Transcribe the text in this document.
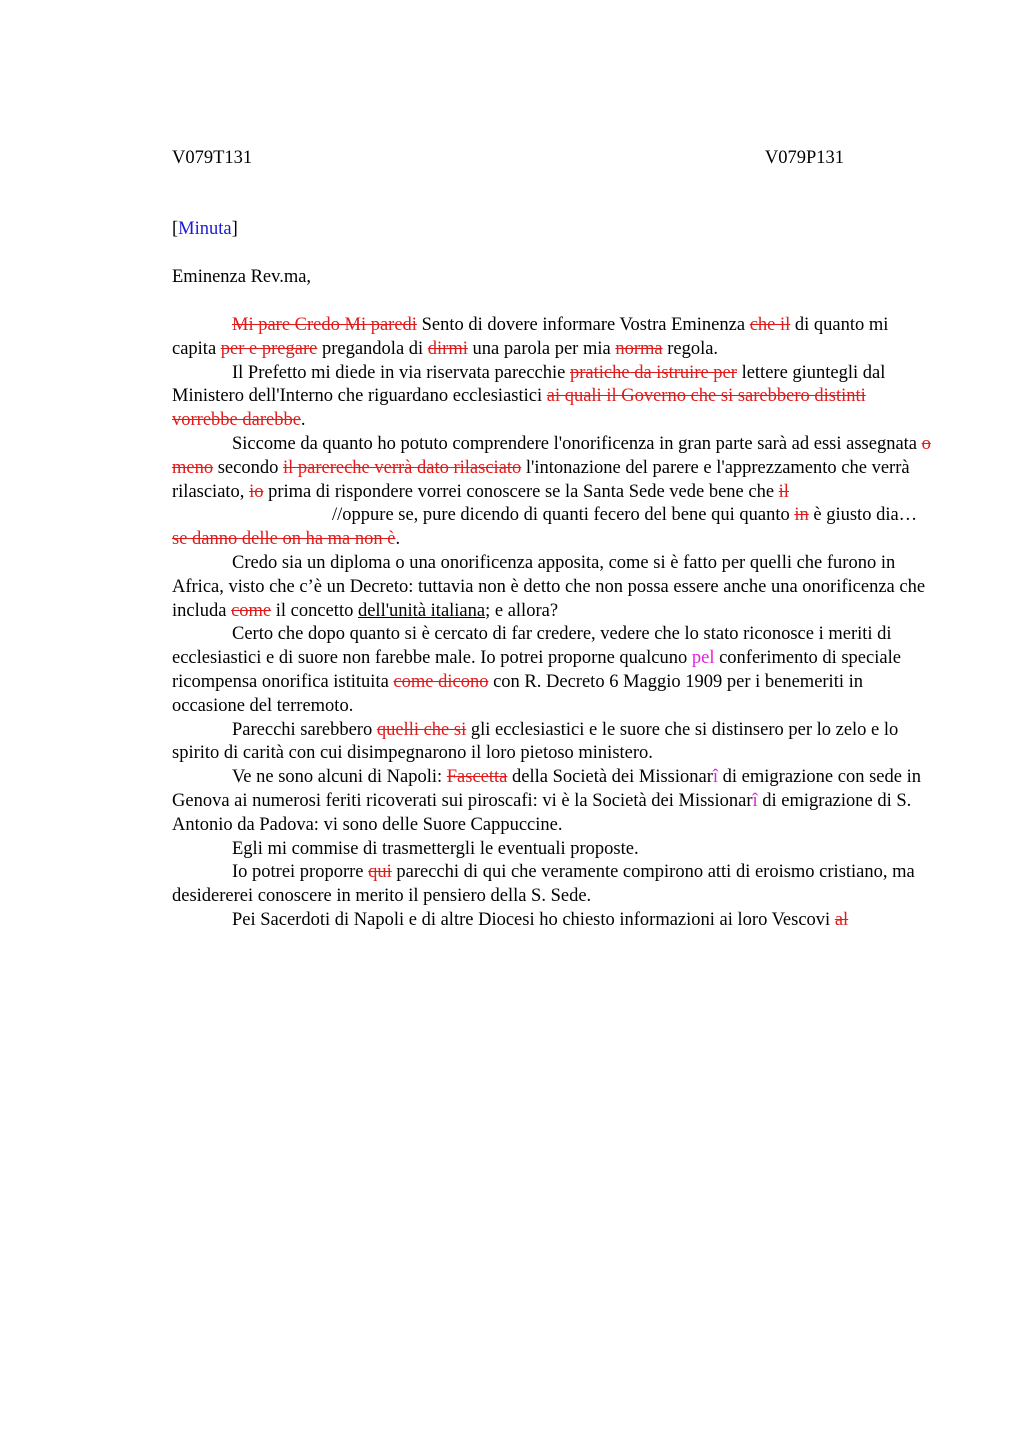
V079T131	V079P131
[Minuta]
Eminenza Rev.ma,

Mi pare Credo Mi paredi Sento di dovere informare Vostra Eminenza che il di quanto mi capita per e pregare pregandola di dirmi una parola per mia norma regola.

Il Prefetto mi diede in via riservata parecchie pratiche da istruire per lettere giuntegli dal Ministero dell'Interno che riguardano ecclesiastici ai quali il Governo che si sarebbero distinti vorrebbe darebbe.

Siccome da quanto ho potuto comprendere l'onorificenza in gran parte sarà ad essi assegnata o meno secondo il parereche verrà dato rilasciato l'intonazione del parere e l'apprezzamento che verrà rilasciato, io prima di rispondere vorrei conoscere se la Santa Sede vede bene che il//oppure se, pure dicendo di quanti fecero del bene qui quanto in è giusto dia…se danno delle on ha ma non è.

Credo sia un diploma o una onorificenza apposita, come si è fatto per quelli che furono in Africa, visto che c’è un Decreto: tuttavia non è detto che non possa essere anche una onorificenza che includa come il concetto dell'unità italiana; e allora?

Certo che dopo quanto si è cercato di far credere, vedere che lo stato riconosce i meriti di ecclesiastici e di suore non farebbe male. Io potrei proporne qualcuno pel conferimento di speciale ricompensa onorifica istituita come dicono con R. Decreto 6 Maggio 1909 per i benemeriti in occasione del terremoto.

Parecchi sarebbero quelli che si gli ecclesiastici e le suore che si distinsero per lo zelo e lo spirito di carità con cui disimpegnarono il loro pietoso ministero.

Ve ne sono alcuni di Napoli: Fascetta della Società dei Missionarî di emigrazione con sede in Genova ai numerosi feriti ricoverati sui piroscafi: vi è la Società dei Missionarî di emigrazione di S. Antonio da Padova: vi sono delle Suore Cappuccine.

Egli mi commise di trasmettergli le eventuali proposte.

Io potrei proporre qui parecchi di qui che veramente compirono atti di eroismo cristiano, ma desidererei conoscere in merito il pensiero della S. Sede.

Pei Sacerdoti di Napoli e di altre Diocesi ho chiesto informazioni ai loro Vescovi al
